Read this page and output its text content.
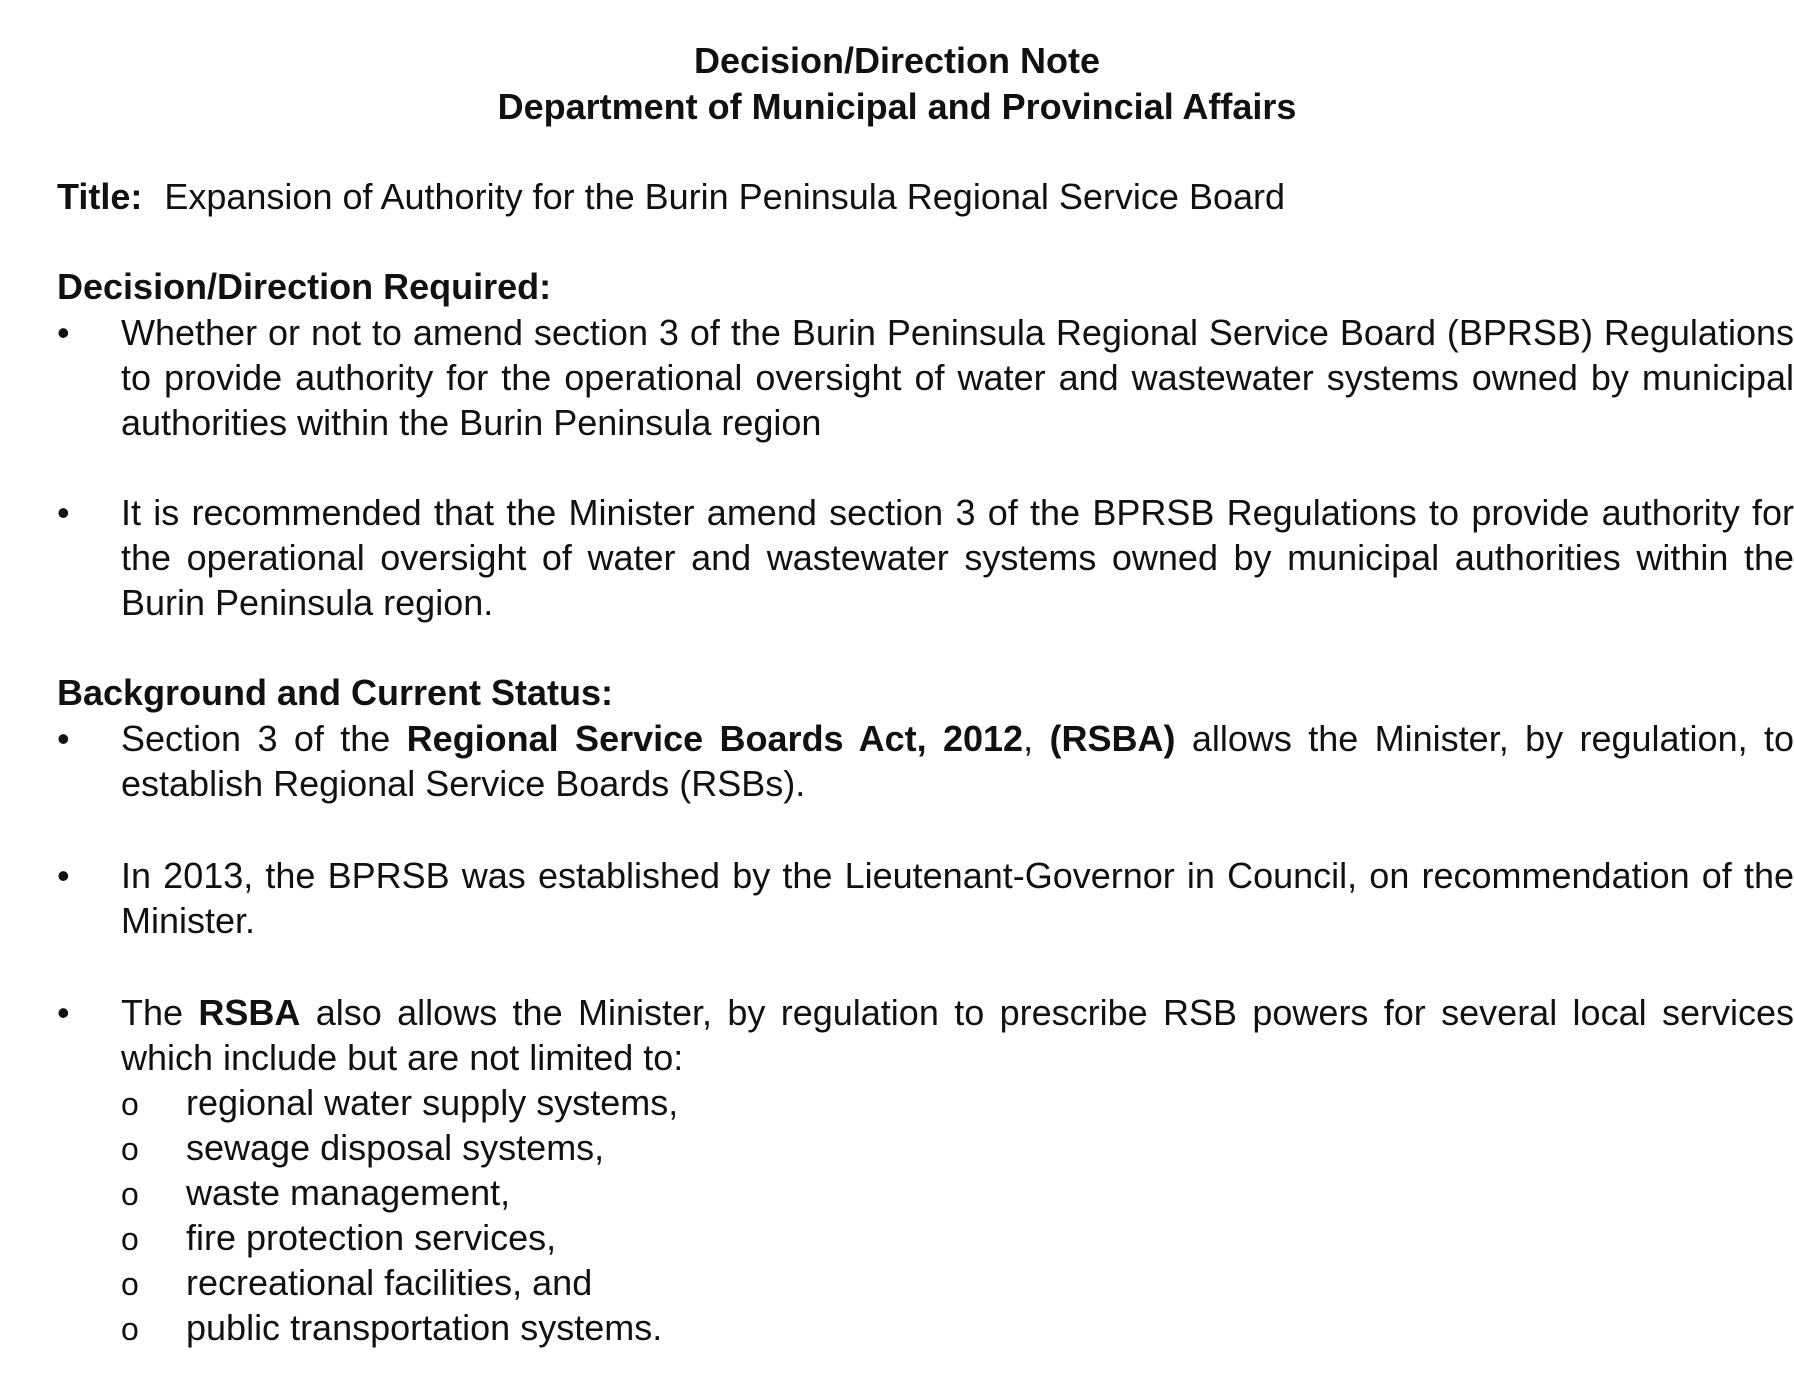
Decision/Direction Note
Department of Municipal and Provincial Affairs
Title: Expansion of Authority for the Burin Peninsula Regional Service Board
Decision/Direction Required:
•	Whether or not to amend section 3 of the Burin Peninsula Regional Service Board (BPRSB) Regulations to provide authority for the operational oversight of water and wastewater systems owned by municipal authorities within the Burin Peninsula region
•	It is recommended that the Minister amend section 3 of the BPRSB Regulations to provide authority for the operational oversight of water and wastewater systems owned by municipal authorities within the Burin Peninsula region.
Background and Current Status:
•	Section 3 of the Regional Service Boards Act, 2012, (RSBA) allows the Minister, by regulation, to establish Regional Service Boards (RSBs).
•	In 2013, the BPRSB was established by the Lieutenant-Governor in Council, on recommendation of the Minister.
•	The RSBA also allows the Minister, by regulation to prescribe RSB powers for several local services which include but are not limited to:
o regional water supply systems,
o sewage disposal systems,
o waste management,
o fire protection services,
o recreational facilities, and
o public transportation systems.
